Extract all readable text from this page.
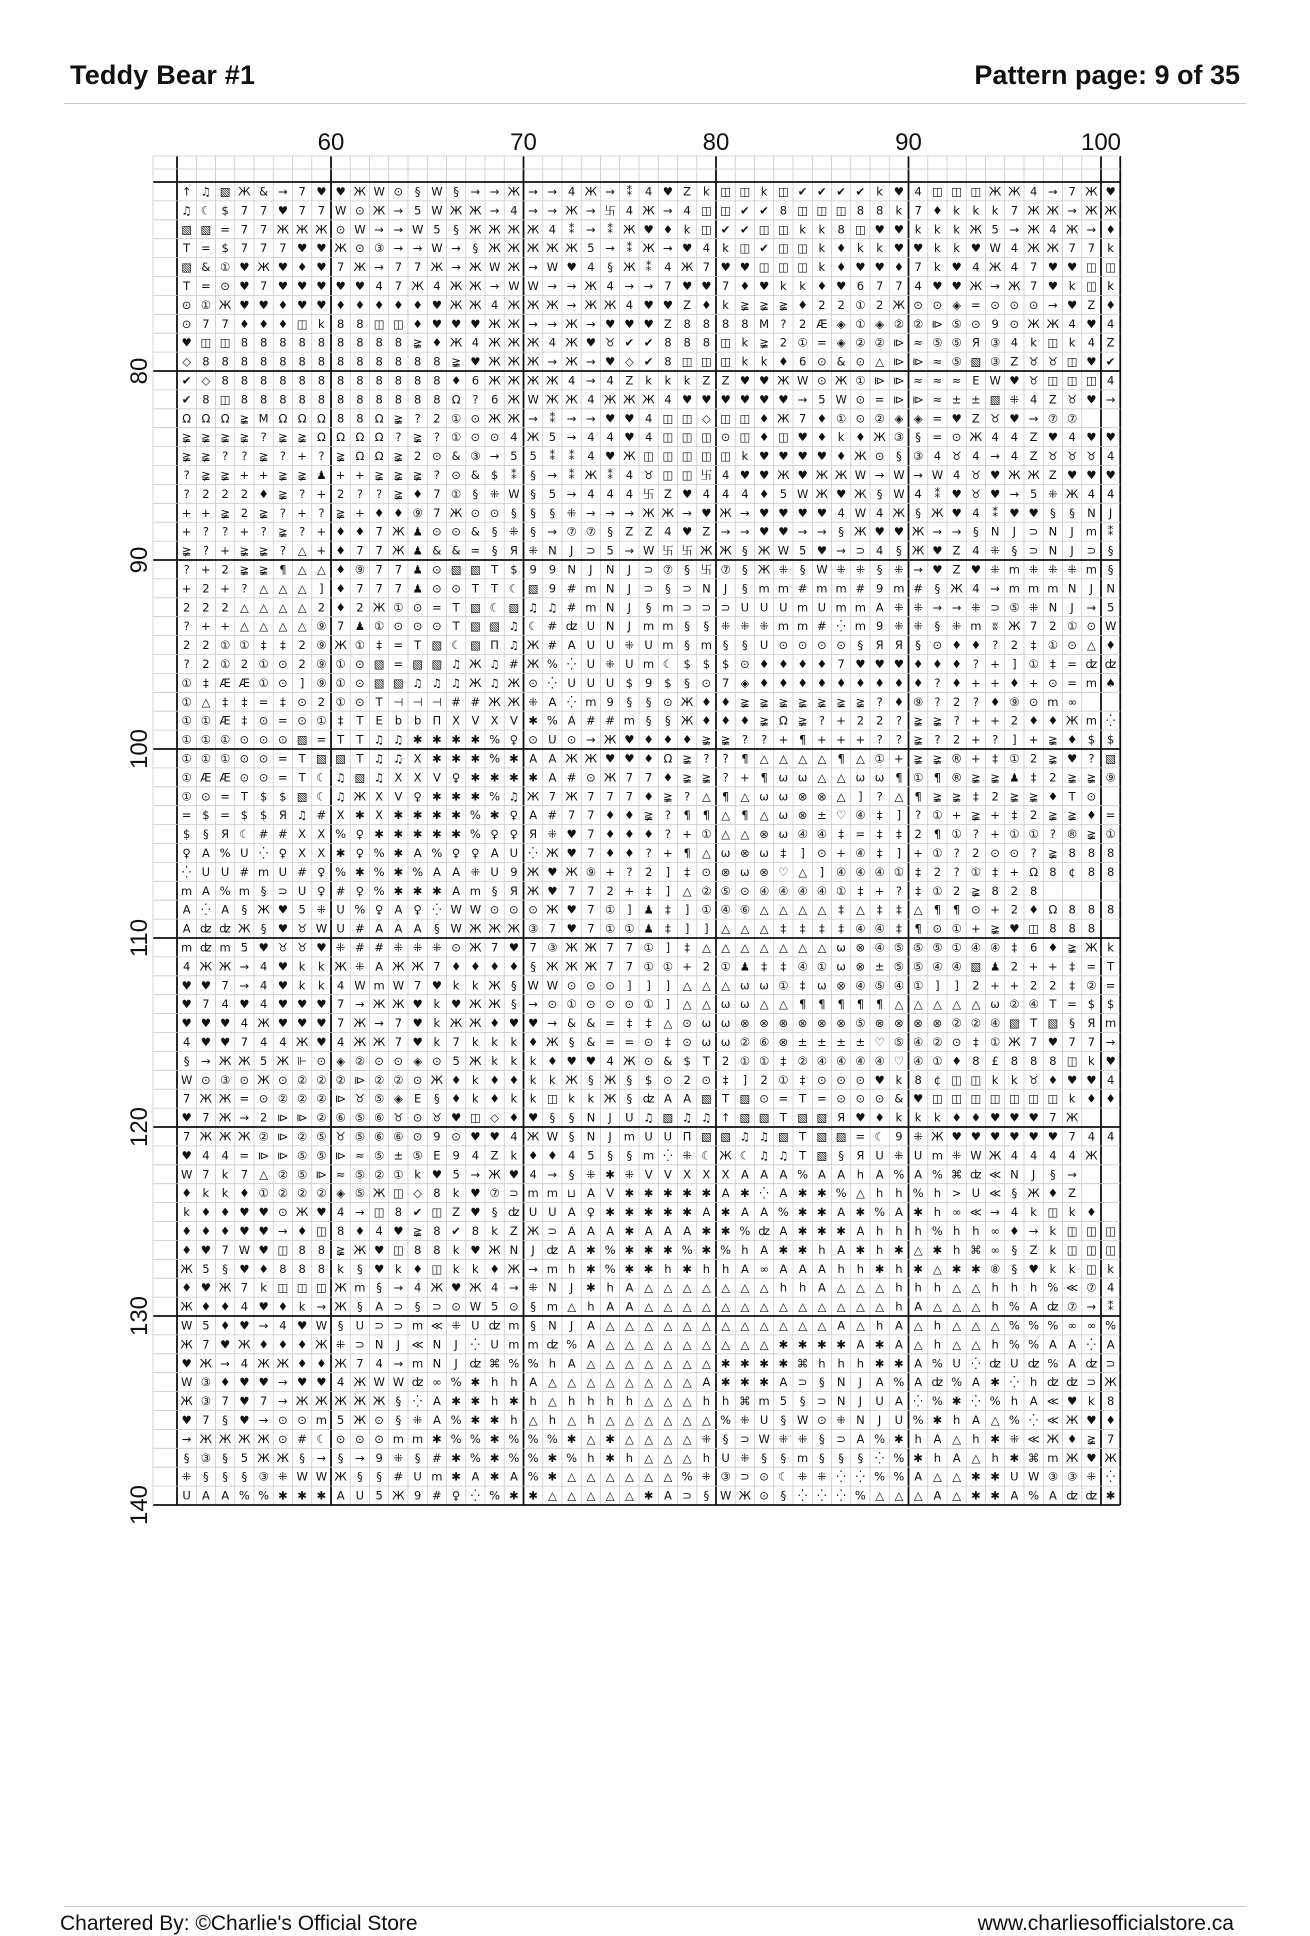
Teddy Bear #1	Pattern page: 9 of 35
↑ ♫ ▧ Ж & → 7 ♥ ♥ Ж W ⊙ § W § → → Ж → → 4 Ж → ⁑ 4 ♥ Z k ◫ ◫ k ◫ ✔ ✔ ✔ ✔ k ♥ 4 ◫ ◫ ◫ Ж Ж 4 → 7 Ж ♥
♫ ☾ $ 7 7 ♥ 7 7 W ⊙ Ж → 5 W Ж Ж → 4 → → Ж → 卐 4 Ж → 4 ◫ ◫ ✔ ✔ 8 ◫ ◫ ◫ 8 8 k 7 ♦ k k k 7 Ж Ж → Ж Ж
▧ ▧ = 7 7 Ж Ж Ж ⊙ W → → W 5 § Ж Ж Ж Ж 4 ⁑ → ⁑ Ж ♥ ♦ k ◫ ✔ ✔ ◫ ◫ k k 8 ◫ ♥ ♥ k k k Ж 5 → Ж 4 Ж → ♦
T = $ 7 7 7 ♥ ♥ Ж ⊙ ③ → → W → § Ж Ж Ж Ж Ж 5 → ⁑ Ж → ♥ 4 k ◫ ✔ ◫ ◫ k ♦ k k ♥ ♥ k k ♥ W 4 Ж Ж 7 7 k
▧ & ① ♥ Ж ♥ ♦ ♥ 7 Ж → 7 7 Ж → Ж W Ж → W ♥ 4 § Ж ⁑ 4 Ж 7 ♥ ♥ ◫ ◫ ◫ k ♦ ♥ ♥ ♦ 7 k ♥ 4 Ж 4 7 ♥ ♥ ◫ ◫
T = ⊙ ♥ 7 ♥ ♥ ♥ ♥ ♥ 4 7 Ж 4 Ж Ж → W W → → Ж 4 → → 7 ♥ ♥ 7 ♦ ♥ k k ♦ ♥ 6 7 7 4 ♥ ♥ Ж → Ж 7 ♥ k ◫ k
⊙ ① Ж ♥ ♥ ♦ ♥ ♥ ♦ ♦ ♦ ♦ ♦ ♥ Ж Ж 4 Ж Ж Ж → Ж Ж 4 ♥ ♥ Z ♦ k ≩ ≩ ≩ ♦ 2 2 ① 2 Ж ⊙ ⊙ ◈ = ⊙ ⊙ ⊙ → ♥ Z ♦
⊙ 7 7 ♦ ♦ ♦ ◫ k 8 8 ◫ ◫ ♦ ♥ ♥ ♥ Ж Ж → → Ж → ♥ ♥ ♥ Z 8 8 8 8 M ? 2 Æ ◈ ① ◈ ② ② ⧐ ⑤ ⊙ 9 ⊙ Ж Ж 4 ♥ 4
♥ ◫ ◫ 8 8 8 8 8 8 8 8 8 ≩ ♦ Ж 4 Ж Ж Ж 4 Ж ♥ ♉ ✔ ✔ 8 8 8 ◫ k ≩ 2 ① = ◈ ② ② ⧐ ≈ ⑤ ⑤ Я ③ 4 k ◫ k 4 Z
◇ 8 8 8 8 8 8 8 8 8 8 8 8 8 ≩ ♥ Ж Ж Ж → Ж → ♥ ◇ ✔ 8 ◫ ◫ ◫ k k ♦ 6 ⊙ & ⊙ △ ⧐ ⧐ ≈ ⑤ ▧ ③ Z ♉ ♉ ◫ ♥ ✔
✔ ◇ 8 8 8 8 8 8 8 8 8 8 8 8 ♦ 6 Ж Ж Ж Ж 4 → 4 Z k k k Z Z ♥ ♥ Ж W ⊙ Ж ① ⧐ ⧐ ≈ ≈ ≈ E W ♥ ♉ ◫ ◫ ◫ 4
✔ 8 ◫ 8 8 8 8 8 8 8 8 8 8 8 Ω ? 6 Ж W Ж Ж 4 Ж Ж Ж 4 ♥ ♥ ♥ ♥ ♥ ♥ → 5 W ⊙ = ⧐ ⧐ ≈ ± ± ▧ ⁜ 4 Z ♉ ♥ →
Ω Ω Ω ≩ M Ω Ω Ω 8 8 Ω ≩ ? 2 ① ⊙ Ж Ж → ⁑ → → ♥ ♥ 4 ◫ ◫ ◇ ◫ ◫ ♦ Ж 7 ♦ ① ⊙ ② ◈ ◈ = ♥ Z ♉ ♥ → ⑦ ⑦
≩ ≩ ≩ ≩ ? ≩ ≩ Ω Ω Ω Ω ? ≩ ? ① ⊙ ⊙ 4 Ж 5 → 4 4 ♥ 4 ◫ ◫ ◫ ⊙ ◫ ♦ ◫ ♥ ♦ k ♦ Ж ③ § = ⊙ Ж 4 4 Z ♥ 4 ♥ ♥
≩ ≩ ? ? ≩ ? + ? ≩ Ω Ω ≩ 2 ⊙ & ③ → 5 5 ⁑ ⁑ 4 ♥ Ж ◫ ◫ ◫ ◫ ◫ k ♥ ♥ ♥ ♥ ♦ Ж ⊙ § ③ 4 ♉ 4 → 4 Z ♉ ♉ ♉ 4
? ≩ ≩ + + ≩ ≩ ♟ + + ≩ ≩ ≩ ? ⊙ & $ ⁑ § → ⁑ Ж ⁑ 4 ♉ ◫ ◫ 卐 4 ♥ ♥ Ж ♥ Ж Ж W → W → W 4 ♉ ♥ Ж Ж Z ♥ ♥ ♥
? 2 2 2 ♦ ≩ ? + 2 ? ? ≩ ♦ 7 ① § ⁜ W § 5 → 4 4 4 卐 Z ♥ 4 4 4 ♦ 5 W Ж ♥ Ж § W 4 ⁑ ♥ ♉ ♥ → 5 ⁜ Ж 4 4
+ + ≩ 2 ≩ ? + ? ≩ + ♦ ♦ ⑨ 7 Ж ⊙ ⊙ § § § ⁜ → → → Ж Ж → ♥ Ж → ♥ ♥ ♥ ♥ 4 W 4 Ж § Ж ♥ 4 ⁑ ♥ ♥ § § N J
+ ? ? + ? ≩ ? + ♦ ♦ 7 Ж ♟ ⊙ ⊙ & § ⁜ § → ⑦ ⑦ § Z Z 4 ♥ Z → → ♥ ♥ → → § Ж ♥ ♥ Ж → → § N J ⊃ N J m ⁑
≩ ? + ≩ ≩ ? △ + ♦ 7 7 Ж ♟ & & = § Я ⁜ N J ⊃ 5 → W 卐 卐 Ж Ж § Ж W 5 ♥ → ⊃ 4 § Ж ♥ Z 4 ⁜ § ⊃ N J ⊃ §
? + 2 ≩ ≩ ¶ △ △ ♦ ⑨ 7 7 ♟ ⊙ ▧ ▧ T $ 9 9 N J N J ⊃ ⑦ § 卐 ⑦ § Ж ⁜ § W ⁜ ⁜ § ⁜ → ♥ Z ♥ ⁜ m ⁜ ⁜ ⁜ m §
+ 2 + ? △ △ △ ] ♦ 7 7 7 ♟ ⊙ ⊙ T T ☾ ▧ 9 # m N J ⊃ § ⊃ N J § m m # m m # 9 m # § Ж 4 → m m m N J N
2 2 2 △ △ △ △ 2 ♦ 2 Ж ① ⊙ = T ▧ ☾ ▧ ♫ ♫ # m N J § m ⊃ ⊃ ⊃ U U U m U m m A ⁜ ⁜ → → ⁜ ⊃ ⑤ ⁜ N J → 5
? + + △ △ △ △ ⑨ 7 ♟ ① ⊙ ⊙ ⊙ T ▧ ▧ ♫ ☾ # ʣ U N J m m § § ⁜ ⁜ ⁜ m m # ⁛ m 9 ⁜ ⁜ § ⁜ m ʬ Ж 7 2 ① ⊙ W
2 2 ① ① ‡ ‡ 2 ⑨ Ж ① ‡ = T ▧ ☾ ▧ П ♫ Ж # A U U ⁜ U m § m § § U ⊙ ⊙ ⊙ ⊙ § Я Я § ⊙ ♦ ♦ ? 2 ‡ ① ⊙ △ ♦
? 2 ① 2 ① ⊙ 2 ⑨ ① ⊙ ▧ = ▧ ▧ ♫ Ж ♫ # Ж % ⁛ U ⁜ U m ☾ $ $ $ ⊙ ♦ ♦ ♦ ♦ 7 ♥ ♥ ♥ ♦ ♦ ♦ ? + ] ① ‡ = ʣ ʣ
① ‡ Æ Æ ① ⊙ ] ⑨ ① ⊙ ▧ ▧ ♫ ♫ ♫ Ж ♫ Ж ⊙ ⁛ U U U $ 9 $ § ⊙ 7 ◈ ♦ ♦ ♦ ♦ ♦ ♦ ♦ ♦ ♦ ? ♦ + + ♦ + ⊙ = m ♠
① △ ‡ ‡ = ‡ ⊙ 2 ① ⊙ T ⊣ ⊣ ⊣ # # Ж Ж ⁜ A ⁛ m 9 § § ⊙ Ж ♦ ♦ ≩ ≩ ≩ ≩ ≩ ≩ ≩ ? ♦ ⑨ ? 2 ? ♦ ⑨ ⊙ m ∞
① ① Æ ‡ ⊙ = ⊙ ① ‡ T E b b Π X V X V ✱ % A # # m § § Ж ♦ ♦ ♦ ≩ Ω ≩ ? + 2 2 ? ≩ ≩ ? + + 2 ♦ ♦ Ж m ⁛
① ① ① ⊙ ⊙ ⊙ ▧ = T T ♫ ♫ ✱ ✱ ✱ ✱ % ♀ ⊙ U ⊙ → Ж ♥ ♦ ♦ ♦ ≩ ≩ ? ? + ¶ + + + ? ? ≩ ? 2 + ? ] + ≩ ♦ $ $
① ① ① ⊙ ⊙ = T ▧ ▧ T ♫ ♫ X ✱ ✱ ✱ % ✱ A A Ж Ж ♥ ♥ ♦ Ω ≩ ? ? ¶ △ △ △ △ ¶ △ ① + ≩ ≩ ® + ‡ ① 2 ≩ ♥ ? ▧
① Æ Æ ⊙ ⊙ = T ☾ ♫ ▧ ♫ X X V ♀ ✱ ✱ ✱ ✱ A # ⊙ Ж 7 7 ♦ ≩ ≩ ? + ¶ ω ω △ △ ω ω ¶ ① ¶ ® ≩ ≩ ♟ ‡ 2 ≩ ≩ ⑨
① ⊙ = T $ $ ▧ ☾ ♫ Ж X V ♀ ✱ ✱ ✱ % ♫ Ж 7 Ж 7 7 7 ♦ ≩ ? △ ¶ △ ω ω ⊗ ⊗ △ ] ? △ ¶ ≩ ≩ ‡ 2 ≩ ≩ ♦ T ⊙
= $ = $ $ Я ♫ # X ✱ X ✱ ✱ ✱ ✱ % ✱ ♀ A # 7 7 ♦ ♦ ≩ ? ¶ ¶ △ ¶ △ ω ⊗ ± ♡ ④ ‡ ] ? ① + ≩ + ‡ 2 ≩ ≩ ♦ =
$ § Я ☾ # # X X % ♀ ✱ ✱ ✱ ✱ ✱ % ♀ ♀ Я ⁜ ♥ 7 ♦ ♦ ♦ ? + ① △ △ ⊗ ω ④ ④ ‡ = ‡ ‡ 2 ¶ ① ? + ① ① ? ® ≩ ①
♀ A % U ⁛ ♀ X X ✱ ♀ % ✱ A % ♀ ♀ A U ⁛ Ж ♥ 7 ♦ ♦ ? + ¶ △ ω ⊗ ω ‡ ] ⊙ + ④ ‡ ] + ① ? 2 ⊙ ⊙ ? ≩ 8 8 8
⁛ U U # m U # ♀ % ✱ % ✱ % A A ⁜ U 9 Ж ♥ Ж ⑨ + ? 2 ] ‡ ⊙ ⊗ ω ⊗ ♡ △ ] ④ ④ ④ ① ‡ 2 ? ① ‡ + Ω 8 ¢ 8 8
m A % m § ⊃ U ♀ # ♀ % ✱ ✱ ✱ A m § Я Ж ♥ 7 7 2 + ‡ ] △ ② ⑤ ⊙ ④ ④ ④ ④ ① ‡ + ? ‡ ① 2 ≩ 8 2 8
A ⁛ A § Ж ♥ 5 ⁜ U % ♀ A ♀ ⁛ W W ⊙ ⊙ ⊙ Ж ♥ 7 ① ] ♟ ‡ ] ① ④ ⑥ △ △ △ △ ‡ △ ‡ ‡ △ ¶ ¶ ⊙ + 2 ♦ Ω 8 8 8
A ʣ ʣ Ж § ♥ ♉ W U # A A A § W Ж Ж Ж ③ 7 ♥ 7 ① ① ♟ ‡ ] ] △ △ △ ‡ ‡ ‡ ‡ ④ ④ ‡ ¶ ⊙ ① + ≩ ♥ ◫ 8 8 8
m ʣ m 5 ♥ ♉ ♉ ♥ ⁜ # # ⁜ ⁜ ⁜ ⊙ Ж 7 ♥ 7 ③ Ж Ж 7 7 ① ] ‡ △ △ △ △ △ △ △ ω ⊗ ④ ⑤ ⑤ ⑤ ① ④ ④ ‡ 6 ♦ ≩ Ж k
4 Ж Ж → 4 ♥ k k Ж ⁜ A Ж Ж 7 ♦ ♦ ♦ ♦ § Ж Ж Ж 7 7 ① ① + 2 ① ♟ ‡ ‡ ④ ① ω ⊗ ± ⑤ ⑤ ④ ④ ▧ ♟ 2 + + ‡ = T
♥ ♥ 7 → 4 ♥ k k 4 W m W 7 ♥ k k Ж § W W ⊙ ⊙ ⊙ ] ] ] △ △ △ ω ω ① ‡ ω ⊗ ④ ⑤ ④ ① ] ] 2 + + 2 2 ‡ ② =
♥ 7 4 ♥ 4 ♥ ♥ ♥ 7 → Ж Ж ♥ k ♥ Ж Ж § → ⊙ ① ⊙ ⊙ ⊙ ① ] △ △ ω ω △ △ ¶ ¶ ¶ ¶ ¶ △ △ △ △ △ ω ② ④ T = $ $
♥ ♥ ♥ 4 Ж ♥ ♥ ♥ 7 Ж → 7 ♥ k Ж Ж ♦ ♥ ♥ → & & = ‡ ‡ △ ⊙ ω ω ⊗ ⊗ ⊗ ⊗ ⊗ ⊗ ⑤ ⊗ ⊗ ⊗ ⊗ ② ② ④ ▧ T ▧ § Я m
4 ♥ ♥ 7 4 4 Ж ♥ 4 Ж Ж 7 ♥ k 7 k k k ♦ Ж § & = = ⊙ ‡ ⊙ ω ω ② ⑥ ⊗ ± ± ± ± ♡ ⑤ ④ ② ⊙ ‡ ① Ж 7 ♥ 7 7 →
§ → Ж Ж 5 Ж ⊩ ⊙ ◈ ② ⊙ ⊙ ◈ ⊙ 5 Ж k k k ♦ ♥ ♥ 4 Ж ⊙ & $ T 2 ① ① ‡ ② ④ ④ ④ ④ ♡ ④ ① ♦ 8 £ 8 8 8 ◫ k ♥
W ⊙ ③ ⊙ Ж ⊙ ② ② ② ⧐ ② ② ⊙ Ж ♦ k ♦ ♦ k k Ж § Ж § $ ⊙ 2 ⊙ ‡ ] 2 ① ‡ ⊙ ⊙ ⊙ ♥ k 8 ¢ ◫ ◫ k k ♉ ♦ ♥ ♥ 4
7 Ж Ж = ⊙ ② ② ② ⧐ ♉ ⑤ ◈ E § ♦ k ♦ k k ◫ k k Ж § ʣ A A ▧ T ▧ ⊙ = T = ⊙ ⊙ ⊙ & ♥ ◫ ◫ ◫ ◫ ◫ ◫ ◫ k ♦ ♦
♥ 7 Ж → 2 ⧐ ⧐ ② ⑥ ⑤ ⑥ ♉ ⊙ ♉ ♥ ◫ ◇ ♦ ♥ § § N J U ♫ ▧ ♫ ♫ ↑ ▧ ▧ T ▧ ▧ Я ♥ ♦ k k k ♦ ♦ ♥ ♥ ♥ 7 Ж
7 Ж Ж Ж ② ⧐ ② ⑤ ♉ ⑤ ⑥ ⑥ ⊙ 9 ⊙ ♥ ♥ 4 Ж W § N J m U U П ▧ ▧ ♫ ♫ ▧ T ▧ ▧ = ☾ 9 ⁜ Ж ♥ ♥ ♥ ♥ ♥ ♥ 7 4 4
♥ 4 4 = ⧐ ⧐ ⑤ ⑤ ⧐ ≈ ⑤ ± ⑤ E 9 4 Z k ♦ ♦ 4 5 § § m ⁛ ⁜ ☾ Ж ☾ ♫ ♫ T ▧ § Я U ⁜ U m ⁜ W Ж 4 4 4 4 Ж
W 7 k 7 △ ② ⑤ ⧐ ≈ ⑤ ② ① k ♥ 5 → Ж ♥ 4 → § ⁜ ✱ ⁜ V V X X X A A A % A A h A % A % ⌘ ʣ ≪ N J § →
♦ k k ♦ ① ② ② ② ◈ ⑤ Ж ◫ ◇ 8 k ♥ ⑦ ⊃ m m ⊔ A V ✱ ✱ ✱ ✱ ✱ A ✱ ⁛ A ✱ ✱ % △ h h % h > U ≪ § Ж ♦ Z
k ♦ ♦ ♥ ♥ ⊙ Ж ♥ 4 → ◫ 8 ✔ ◫ Z ♥ § ʣ U U A ♀ ✱ ✱ ✱ ✱ ✱ A ✱ A A % ✱ ✱ A ✱ % A ✱ h ∞ ≪ → 4 k ◫ k ♦
♦ ♦ ♦ ♥ ♥ → ♦ ◫ 8 ♦ 4 ♥ ≩ 8 ✔ 8 k Z Ж ⊃ A A A ✱ A A A ✱ ✱ % ʣ A ✱ ✱ ✱ A h h h % h h ∞ ♦ → k ◫ ◫ ◫
♦ ♥ 7 W ♥ ◫ 8 8 ≩ Ж ♥ ◫ 8 8 k ♥ Ж N J ʣ A ✱ % ✱ ✱ ✱ % ✱ % h A ✱ ✱ h A ✱ h ✱ △ ✱ h ⌘ ∞ § Z k ◫ ◫ ◫
Ж 5 § ♥ ♦ 8 8 8 k § ♥ k ♦ ◫ k k ♦ Ж → m h ✱ % ✱ ✱ h ✱ h h A ∞ A A A h h ✱ h ✱ △ ✱ ✱ ⑧ § ♥ k k ◫ k
♦ ♥ Ж 7 k ◫ ◫ ◫ Ж m § → 4 Ж ♥ Ж 4 → ⁜ N J ✱ h A △ △ △ △ △ △ △ h h A △ △ △ h h h △ △ h h h % ≪ ⑦ 4
Ж ♦ ♦ 4 ♥ ♦ k → Ж § A ⊃ § ⊃ ⊙ W 5 ⊙ § m △ h A A △ △ △ △ △ △ △ △ △ △ △ △ △ h A △ △ △ h % A ʣ ⑦ → ⁑
W 5 ♦ ♥ → 4 ♥ W § U ⊃ ⊃ m ≪ ⁜ U ʣ m § N J A △ △ △ △ △ △ △ △ △ △ △ △ A △ h A △ h △ △ △ % % % ∞ ∞ %
Ж 7 ♥ Ж ♦ ♦ ♦ Ж ⁜ ⊃ N J ≪ N J ⁛ U m m ʣ % A △ △ △ △ △ △ △ △ △ ✱ ✱ ✱ ✱ A ✱ A △ h △ △ h % % A A ⁛ A
♥ Ж → 4 Ж Ж ♦ ♦ Ж 7 4 → m N J ʣ ⌘ % % h A △ △ △ △ △ △ △ ✱ ✱ ✱ ✱ ⌘ h h h ✱ ✱ A % U ⁛ ʣ U ʣ % A ʣ ⊃
W ③ ♦ ♥ ♥ → ♥ ♥ 4 Ж W W ʣ ∞ % ✱ h h A △ △ △ △ △ △ △ △ A ✱ ✱ ✱ A ⊃ § N J A % A ʣ % A ✱ ⁛ h ʣ ʣ ⊃ Ж
Ж ③ 7 ♥ 7 → Ж Ж Ж Ж Ж § ⁛ A ✱ ✱ h ✱ h △ h h h h △ △ △ h h ⌘ m 5 § ⊃ N J U A ⁛ % ✱ ⁛ % h A ≪ ♥ k 8
♥ 7 § ♥ → ⊙ ⊙ m 5 Ж ⊙ § ⁜ A % ✱ ✱ h △ h △ h △ △ △ △ △ △ % ⁜ U § W ⊙ ⁜ N J U % ✱ h A △ % ⁛ ≪ Ж ♥ ♦
→ Ж Ж Ж Ж ⊙ # ☾ ⊙ ⊙ ⊙ m m ✱ % % ✱ % % % ✱ △ ✱ △ △ △ △ ⁜ § ⊃ W ⁜ ⁜ § ⊃ A % ✱ h A △ h ✱ ⁜ ≪ Ж ♦ ≩ 7
§ ③ § 5 Ж Ж § → § → 9 ⁜ § # ✱ % ✱ % % ✱ % h ✱ h △ △ △ h U ⁜ § § m § § § ⁛ % ✱ h A △ h ✱ ⌘ m Ж ♥ Ж
⁜ § § § ③ ⁜ W W Ж § § # U m ✱ A ✱ A % ✱ △ △ △ △ △ △ % ⁜ ③ ⊃ ⊙ ☾ ⁜ ⁜ ⁛ ⁛ % % A △ △ ✱ ✱ U W ③ ③ ⁜ ⁛
U A A % % ✱ ✱ ✱ A U 5 Ж 9 # ♀ ⁛ % ✱ ✱ △ △ △ △ △ ✱ A ⊃ § W Ж ⊙ § ⁛ ⁛ ⁛ % △ △ △ A △ ✱ ✱ A % A ʣ ʣ ✱
60	70	80	90	100
80
90
100
110
120
130
140
Chartered By: ©Charlie's Official Store	www.charliesofficialstore.ca
